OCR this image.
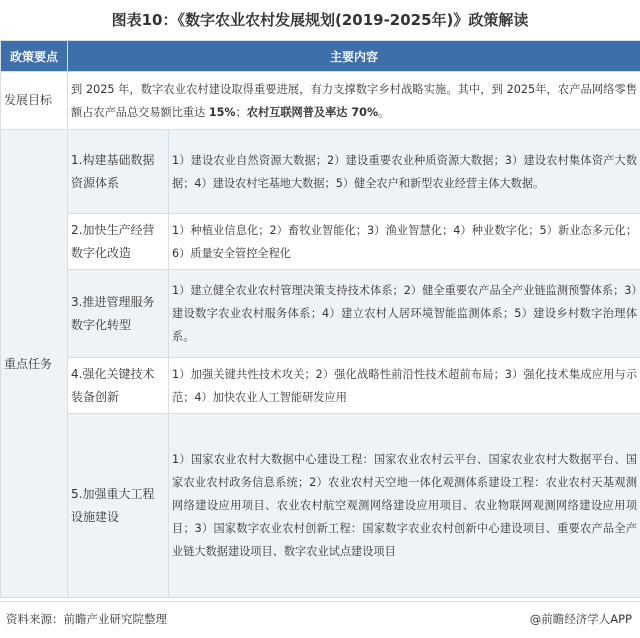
图表10：《数字农业农村发展规划(2019-2025年)》政策解读
政策要点	主要内容	
发展目标	到 2025 年，数字农业农村建设取得重要进展，有力支撑数字乡村战略实施。其中，到 2025年，农产品网络零售额占农产品总交易额比重达 15%；农村互联网普及率达 70%。	
重点任务	1.构建基础数据资源体系	1）建设农业自然资源大数据；2）建设重要农业种质资源大数据；3）建设农村集体资产大数据；4）建设农村宅基地大数据；5）健全农户和新型农业经营主体大数据。
	2.加快生产经营数字化改造	1）种植业信息化；2）畜牧业智能化；3）渔业智慧化；4）种业数字化；5）新业态多元化；6）质量安全管控全程化
	3.推进管理服务数字化转型	1）建立健全农业农村管理决策支持技术体系；2）健全重要农产品全产业链监测预警体系；3）建设数字农业农村服务体系；4）建立农村人居环境智能监测体系；5）建设乡村数字治理体系。
	4.强化关键技术装备创新	1）加强关键共性技术攻关；2）强化战略性前沿性技术超前布局；3）强化技术集成应用与示范；4）加快农业人工智能研发应用
	5.加强重大工程设施建设	1）国家农业农村大数据中心建设工程：国家农业农村云平台、国家农业农村大数据平台、国家农业农村政务信息系统；2）农业农村天空地一体化观测体系建设工程：农业农村天基观测网络建设应用项目、农业农村航空观测网络建设应用项目、农业物联网观测网络建设应用项目；3）国家数字农业农村创新工程：国家数字农业农村创新中心建设项目、重要农产品全产业链大数据建设项目、数字农业试点建设项目
资料来源：前瞻产业研究院整理	@前瞻经济学人APP
